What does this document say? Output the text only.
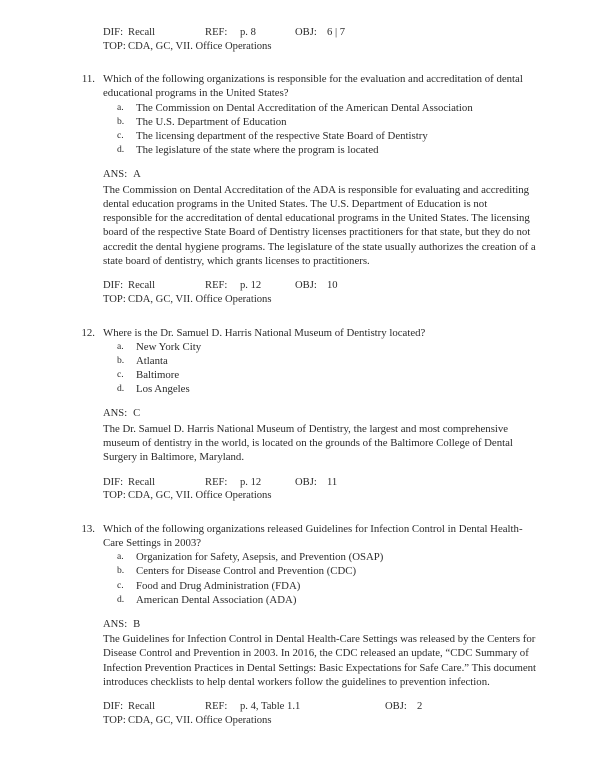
DIF: Recall	REF: p. 8	OBJ: 6 | 7
TOP: CDA, GC, VII. Office Operations
11. Which of the following organizations is responsible for the evaluation and accreditation of dental educational programs in the United States?
a. The Commission on Dental Accreditation of the American Dental Association
b. The U.S. Department of Education
c. The licensing department of the respective State Board of Dentistry
d. The legislature of the state where the program is located
ANS: A
The Commission on Dental Accreditation of the ADA is responsible for evaluating and accrediting dental education programs in the United States. The U.S. Department of Education is not responsible for the accreditation of dental educational programs in the United States. The licensing board of the respective State Board of Dentistry licenses practitioners for that state, but they do not accredit the dental hygiene programs. The legislature of the state usually authorizes the creation of a state board of dentistry, which grants licenses to practitioners.
DIF: Recall	REF: p. 12	OBJ: 10
TOP: CDA, GC, VII. Office Operations
12. Where is the Dr. Samuel D. Harris National Museum of Dentistry located?
a. New York City
b. Atlanta
c. Baltimore
d. Los Angeles
ANS: C
The Dr. Samuel D. Harris National Museum of Dentistry, the largest and most comprehensive museum of dentistry in the world, is located on the grounds of the Baltimore College of Dental Surgery in Baltimore, Maryland.
DIF: Recall	REF: p. 12	OBJ: 11
TOP: CDA, GC, VII. Office Operations
13. Which of the following organizations released Guidelines for Infection Control in Dental Health-Care Settings in 2003?
a. Organization for Safety, Asepsis, and Prevention (OSAP)
b. Centers for Disease Control and Prevention (CDC)
c. Food and Drug Administration (FDA)
d. American Dental Association (ADA)
ANS: B
The Guidelines for Infection Control in Dental Health-Care Settings was released by the Centers for Disease Control and Prevention in 2003. In 2016, the CDC released an update, “CDC Summary of Infection Prevention Practices in Dental Settings: Basic Expectations for Safe Care.” This document introduces checklists to help dental workers follow the guidelines to prevention infection.
DIF: Recall	REF: p. 4, Table 1.1	OBJ: 2
TOP: CDA, GC, VII. Office Operations
